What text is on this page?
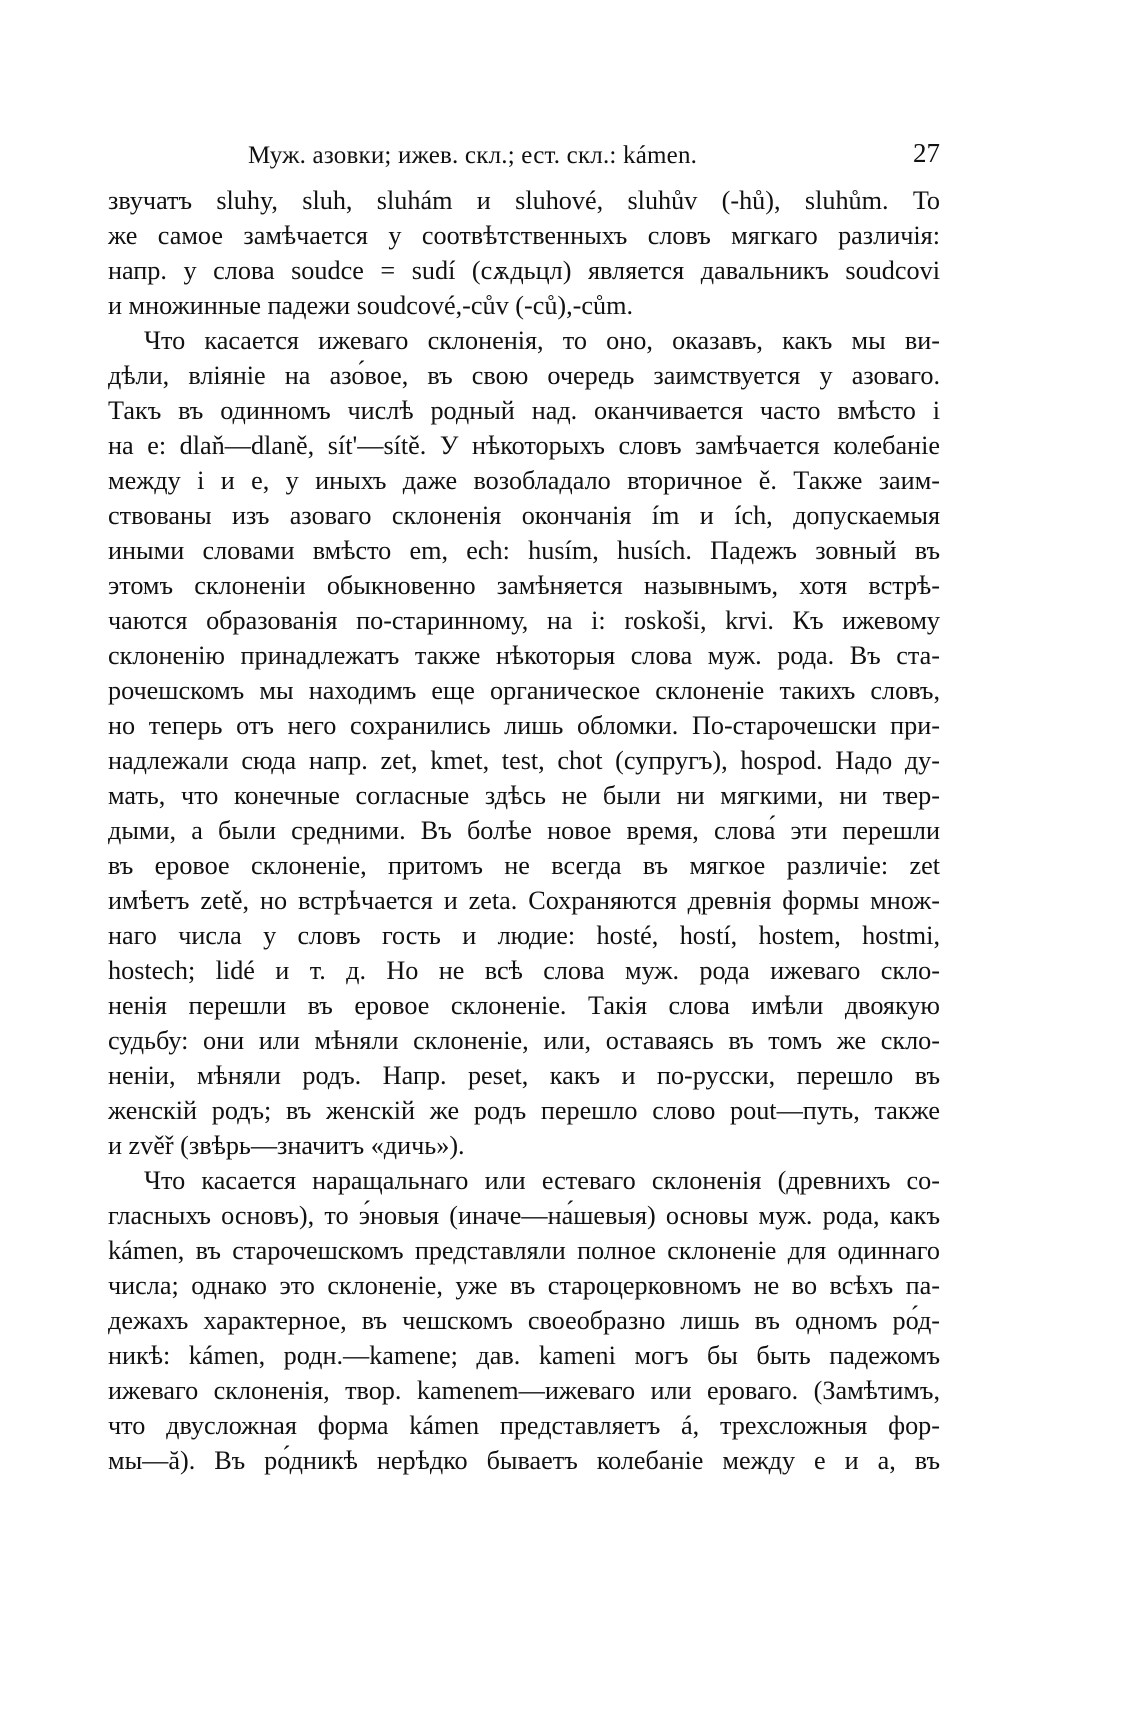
Муж. азовки; ижев. скл.; ест. скл.: kámen.	27

звучатъ sluhy, sluh, sluhám и sluhové, sluhův (-hů), sluhům. То
же самое замѣчается у соотвѣтственныхъ словъ мягкаго различія:
напр. у слова soudce = sudí (сѫдьцл) является давальникъ soudcovi
и множинные падежи soudcové,-cův (-ců),-cům.

Что касается ижеваго склоненія, то оно, оказавъ, какъ мы ви-
дѣли, вліяніе на азо́вое, въ свою очередь заимствуется у азоваго.
Такъ въ одинномъ числѣ родный над. оканчивается часто вмѣсто i
на e: dlaň—dlaně, sít'—sítě. У нѣкоторыхъ словъ замѣчается колебаніе
между i и e, у иныхъ даже возобладало вторичное ě. Также заим-
ствованы изъ азоваго склоненія окончанія ím и ích, допускаемыя
иными словами вмѣсто em, ech: husím, husích. Падежъ зовный въ
этомъ склоненіи обыкновенно замѣняется назывнымъ, хотя встрѣ-
чаются образованія по-старинному, на i: roskoši, krvi. Къ ижевому
склоненію принадлежатъ также нѣкоторыя слова муж. рода. Въ ста-
рочешскомъ мы находимъ еще органическое склоненіе такихъ словъ,
но теперь отъ него сохранились лишь обломки. По-старочешски при-
надлежали сюда напр. zet, kmet, test, chot (супругъ), hospod. Надо ду-
мать, что конечные согласные здѣсь не были ни мягкими, ни твер-
дыми, а были средними. Въ болѣе новое время, слова́ эти перешли
въ еровое склоненіе, притомъ не всегда въ мягкое различіе: zet
имѣетъ zetě, но встрѣчается и zeta. Сохраняются древнія формы множ-
наго числа у словъ гость и людие: hosté, hostí, hostem, hostmi,
hostech; lidé и т. д. Но не всѣ слова муж. рода ижеваго скло-
ненія перешли въ еровое склоненіе. Такія слова имѣли двоякую
судьбу: они или мѣняли склоненіе, или, оставаясь въ томъ же скло-
неніи, мѣняли родъ. Напр. peset, какъ и по-русски, перешло въ
женскій родъ; въ женскій же родъ перешло слово pout—путь, также
и zvěř (звѣрь—значитъ «дичь»).

Что касается наращальнаго или естеваго склоненія (древнихъ со-
гласныхъ основъ), то э́новыя (иначе—на́шевыя) основы муж. рода, какъ
kámen, въ старочешскомъ представляли полное склоненіе для одиннаго
числа; однако это склоненіе, уже въ староцерковномъ не во всѣхъ па-
дежахъ характерное, въ чешскомъ своеобразно лишь въ одномъ ро́д-
никѣ: kámen, родн.—kamene; дав. kameni могъ бы быть падежомъ
ижеваго склоненія, твор. kamenem—ижеваго или ероваго. (Замѣтимъ,
что двусложная форма kámen представляетъ á, трехсложныя фор-
мы—ă). Въ ро́дникѣ нерѣдко бываетъ колебаніе между e и a, въ
